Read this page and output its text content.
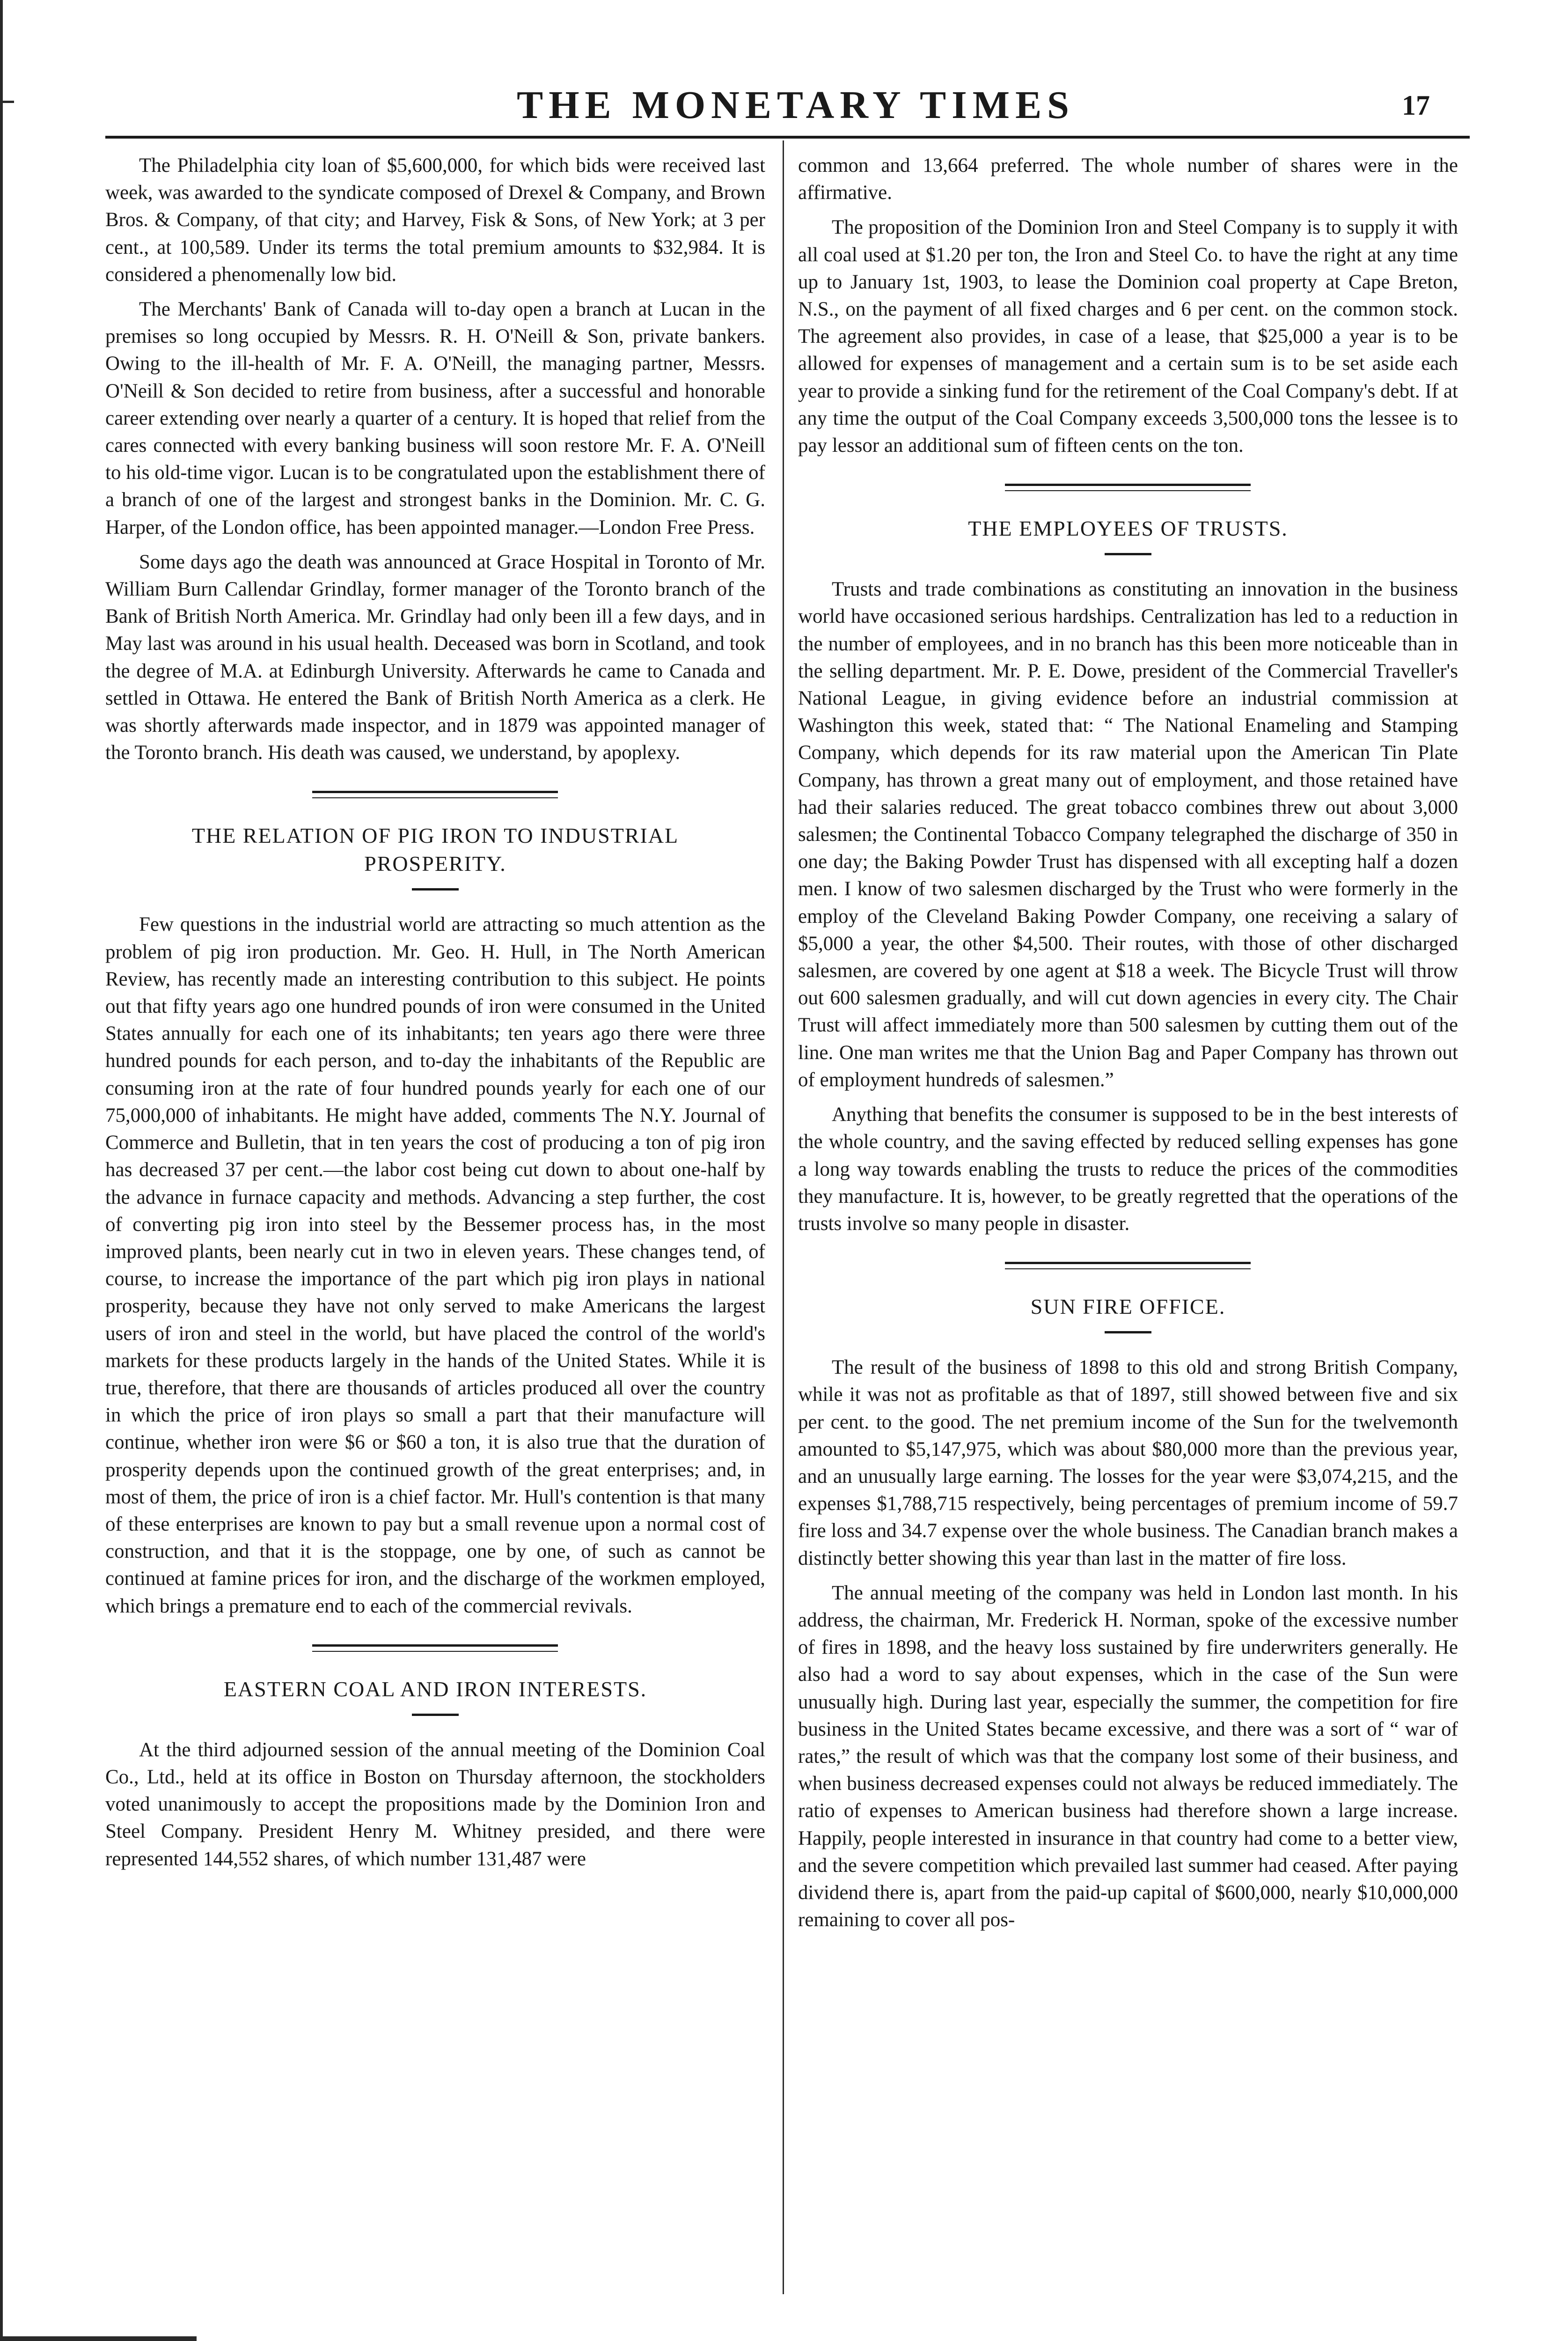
THE MONETARY TIMES	17

The Philadelphia city loan of $5,600,000, for which bids were received last week, was awarded to the syndicate composed of Drexel & Company, and Brown Bros. & Company, of that city; and Harvey, Fisk & Sons, of New York; at 3 per cent., at 100,589. Under its terms the total premium amounts to $32,984. It is considered a phenomenally low bid.

The Merchants' Bank of Canada will to-day open a branch at Lucan in the premises so long occupied by Messrs. R. H. O'Neill & Son, private bankers. Owing to the ill-health of Mr. F. A. O'Neill, the managing partner, Messrs. O'Neill & Son decided to retire from business, after a successful and honorable career extending over nearly a quarter of a century. It is hoped that relief from the cares connected with every banking business will soon restore Mr. F. A. O'Neill to his old-time vigor. Lucan is to be congratulated upon the establishment there of a branch of one of the largest and strongest banks in the Dominion. Mr. C. G. Harper, of the London office, has been appointed manager.—London Free Press.

Some days ago the death was announced at Grace Hospital in Toronto of Mr. William Burn Callendar Grindlay, former manager of the Toronto branch of the Bank of British North America. Mr. Grindlay had only been ill a few days, and in May last was around in his usual health. Deceased was born in Scotland, and took the degree of M.A. at Edinburgh University. Afterwards he came to Canada and settled in Ottawa. He entered the Bank of British North America as a clerk. He was shortly afterwards made inspector, and in 1879 was appointed manager of the Toronto branch. His death was caused, we understand, by apoplexy.

THE RELATION OF PIG IRON TO INDUSTRIAL PROSPERITY.

Few questions in the industrial world are attracting so much attention as the problem of pig iron production. Mr. Geo. H. Hull, in The North American Review, has recently made an interesting contribution to this subject. He points out that fifty years ago one hundred pounds of iron were consumed in the United States annually for each one of its inhabitants; ten years ago there were three hundred pounds for each person, and to-day the inhabitants of the Republic are consuming iron at the rate of four hundred pounds yearly for each one of our 75,000,000 of inhabitants. He might have added, comments The N.Y. Journal of Commerce and Bulletin, that in ten years the cost of producing a ton of pig iron has decreased 37 per cent.—the labor cost being cut down to about one-half by the advance in furnace capacity and methods. Advancing a step further, the cost of converting pig iron into steel by the Bessemer process has, in the most improved plants, been nearly cut in two in eleven years. These changes tend, of course, to increase the importance of the part which pig iron plays in national prosperity, because they have not only served to make Americans the largest users of iron and steel in the world, but have placed the control of the world's markets for these products largely in the hands of the United States. While it is true, therefore, that there are thousands of articles produced all over the country in which the price of iron plays so small a part that their manufacture will continue, whether iron were $6 or $60 a ton, it is also true that the duration of prosperity depends upon the continued growth of the great enterprises; and, in most of them, the price of iron is a chief factor. Mr. Hull's contention is that many of these enterprises are known to pay but a small revenue upon a normal cost of construction, and that it is the stoppage, one by one, of such as cannot be continued at famine prices for iron, and the discharge of the workmen employed, which brings a premature end to each of the commercial revivals.

EASTERN COAL AND IRON INTERESTS.

At the third adjourned session of the annual meeting of the Dominion Coal Co., Ltd., held at its office in Boston on Thursday afternoon, the stockholders voted unanimously to accept the propositions made by the Dominion Iron and Steel Company. President Henry M. Whitney presided, and there were represented 144,552 shares, of which number 131,487 were

common and 13,664 preferred. The whole number of shares were in the affirmative.

The proposition of the Dominion Iron and Steel Company is to supply it with all coal used at $1.20 per ton, the Iron and Steel Co. to have the right at any time up to January 1st, 1903, to lease the Dominion coal property at Cape Breton, N.S., on the payment of all fixed charges and 6 per cent. on the common stock. The agreement also provides, in case of a lease, that $25,000 a year is to be allowed for expenses of management and a certain sum is to be set aside each year to provide a sinking fund for the retirement of the Coal Company's debt. If at any time the output of the Coal Company exceeds 3,500,000 tons the lessee is to pay lessor an additional sum of fifteen cents on the ton.

THE EMPLOYEES OF TRUSTS.

Trusts and trade combinations as constituting an innovation in the business world have occasioned serious hardships. Centralization has led to a reduction in the number of employees, and in no branch has this been more noticeable than in the selling department. Mr. P. E. Dowe, president of the Commercial Traveller's National League, in giving evidence before an industrial commission at Washington this week, stated that: “ The National Enameling and Stamping Company, which depends for its raw material upon the American Tin Plate Company, has thrown a great many out of employment, and those retained have had their salaries reduced. The great tobacco combines threw out about 3,000 salesmen; the Continental Tobacco Company telegraphed the discharge of 350 in one day; the Baking Powder Trust has dispensed with all excepting half a dozen men. I know of two salesmen discharged by the Trust who were formerly in the employ of the Cleveland Baking Powder Company, one receiving a salary of $5,000 a year, the other $4,500. Their routes, with those of other discharged salesmen, are covered by one agent at $18 a week. The Bicycle Trust will throw out 600 salesmen gradually, and will cut down agencies in every city. The Chair Trust will affect immediately more than 500 salesmen by cutting them out of the line. One man writes me that the Union Bag and Paper Company has thrown out of employment hundreds of salesmen.”

Anything that benefits the consumer is supposed to be in the best interests of the whole country, and the saving effected by reduced selling expenses has gone a long way towards enabling the trusts to reduce the prices of the commodities they manufacture. It is, however, to be greatly regretted that the operations of the trusts involve so many people in disaster.

SUN FIRE OFFICE.

The result of the business of 1898 to this old and strong British Company, while it was not as profitable as that of 1897, still showed between five and six per cent. to the good. The net premium income of the Sun for the twelvemonth amounted to $5,147,975, which was about $80,000 more than the previous year, and an unusually large earning. The losses for the year were $3,074,215, and the expenses $1,788,715 respectively, being percentages of premium income of 59.7 fire loss and 34.7 expense over the whole business. The Canadian branch makes a distinctly better showing this year than last in the matter of fire loss.

The annual meeting of the company was held in London last month. In his address, the chairman, Mr. Frederick H. Norman, spoke of the excessive number of fires in 1898, and the heavy loss sustained by fire underwriters generally. He also had a word to say about expenses, which in the case of the Sun were unusually high. During last year, especially the summer, the competition for fire business in the United States became excessive, and there was a sort of “ war of rates,” the result of which was that the company lost some of their business, and when business decreased expenses could not always be reduced immediately. The ratio of expenses to American business had therefore shown a large increase. Happily, people interested in insurance in that country had come to a better view, and the severe competition which prevailed last summer had ceased. After paying dividend there is, apart from the paid-up capital of $600,000, nearly $10,000,000 remaining to cover all pos-
